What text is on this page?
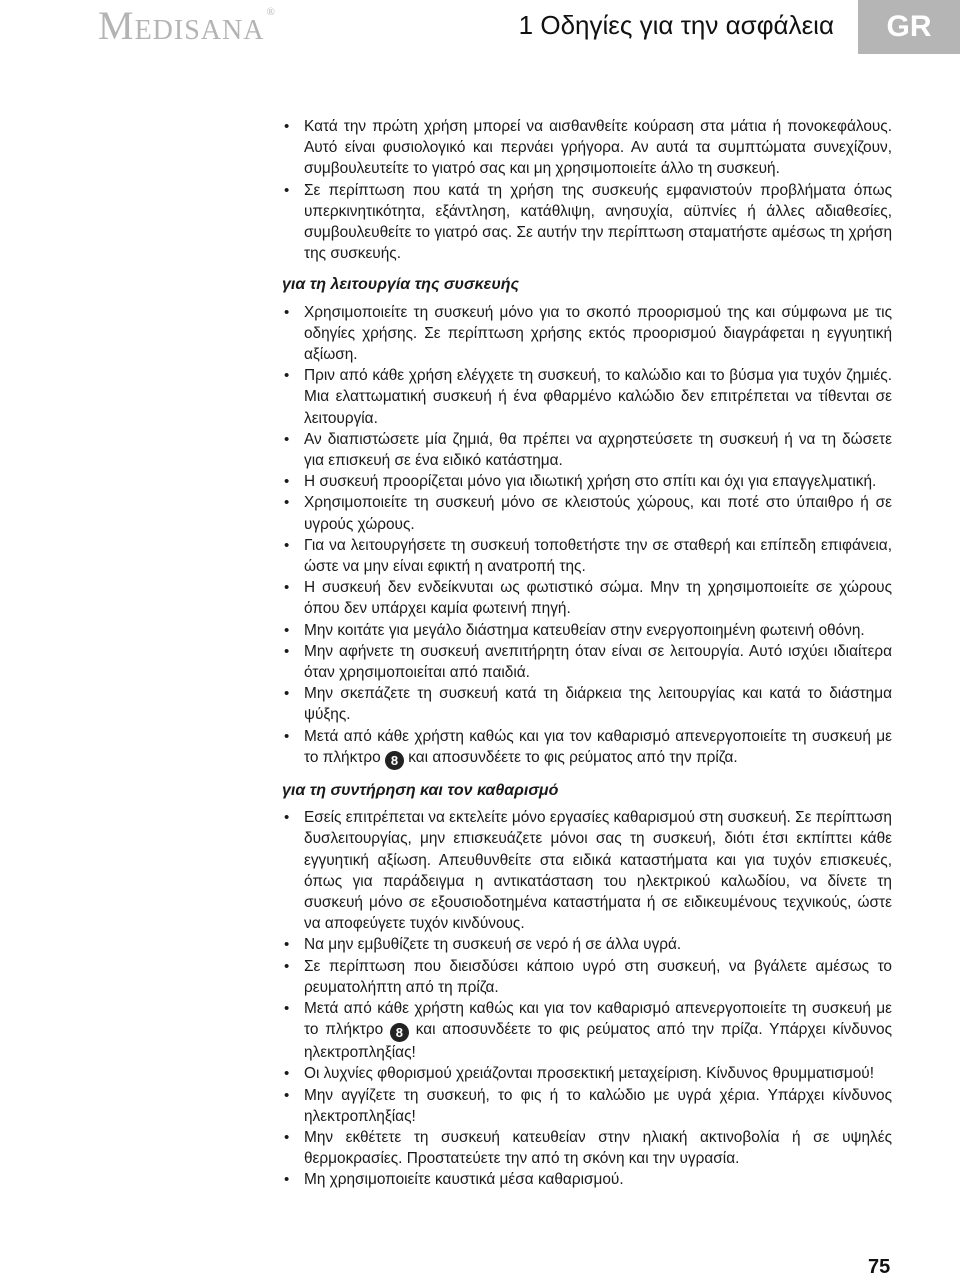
Medisana ®	1 Οδηγίες για την ασφάλεια	GR
• Κατά την πρώτη χρήση μπορεί να αισθανθείτε κούραση στα μάτια ή πονοκεφάλους. Αυτό είναι φυσιολογικό και περνάει γρήγορα. Αν αυτά τα συμπτώματα συνεχίζουν, συμβουλευτείτε το γιατρό σας και μη χρησιμοποιείτε άλλο τη συσκευή.
• Σε περίπτωση που κατά τη χρήση της συσκευής εμφανιστούν προβλήματα όπως υπερκινητικότητα, εξάντληση, κατάθλιψη, ανησυχία, αϋπνίες ή άλλες αδιαθεσίες, συμβουλευθείτε το γιατρό σας. Σε αυτήν την περίπτωση σταματήστε αμέσως τη χρήση της συσκευής.
για τη λειτουργία της συσκευής
• Χρησιμοποιείτε τη συσκευή μόνο για το σκοπό προορισμού της και σύμφωνα με τις οδηγίες χρήσης. Σε περίπτωση χρήσης εκτός προορισμού διαγράφεται η εγγυητική αξίωση.
• Πριν από κάθε χρήση ελέγχετε τη συσκευή, το καλώδιο και το βύσμα για τυχόν ζημιές. Μια ελαττωματική συσκευή ή ένα φθαρμένο καλώδιο δεν επιτρέπεται να τίθενται σε λειτουργία.
• Αν διαπιστώσετε μία ζημιά, θα πρέπει να αχρηστεύσετε τη συσκευή ή να τη δώσετε για επισκευή σε ένα ειδικό κατάστημα.
• Η συσκευή προορίζεται μόνο για ιδιωτική χρήση στο σπίτι και όχι για επαγγελματική.
• Χρησιμοποιείτε τη συσκευή μόνο σε κλειστούς χώρους, και ποτέ στο ύπαιθρο ή σε υγρούς χώρους.
• Για να λειτουργήσετε τη συσκευή τοποθετήστε την σε σταθερή και επίπεδη επιφάνεια, ώστε να μην είναι εφικτή η ανατροπή της.
• Η συσκευή δεν ενδείκνυται ως φωτιστικό σώμα. Μην τη χρησιμοποιείτε σε χώρους όπου δεν υπάρχει καμία φωτεινή πηγή.
• Μην κοιτάτε για μεγάλο διάστημα κατευθείαν στην ενεργοποιημένη φωτεινή οθόνη.
• Μην αφήνετε τη συσκευή ανεπιτήρητη όταν είναι σε λειτουργία. Αυτό ισχύει ιδιαίτερα όταν χρησιμοποιείται από παιδιά.
• Μην σκεπάζετε τη συσκευή κατά τη διάρκεια της λειτουργίας και κατά το διάστημα ψύξης.
• Μετά από κάθε χρήστη καθώς και για τον καθαρισμό απενεργοποιείτε τη συσκευή με το πλήκτρο 8 και αποσυνδέετε το φις ρεύματος από την πρίζα.
για τη συντήρηση και τον καθαρισμό
• Εσείς επιτρέπεται να εκτελείτε μόνο εργασίες καθαρισμού στη συσκευή. Σε περίπτωση δυσλειτουργίας, μην επισκευάζετε μόνοι σας τη συσκευή, διότι έτσι εκπίπτει κάθε εγγυητική αξίωση. Απευθυνθείτε στα ειδικά καταστήματα και για τυχόν επισκευές, όπως για παράδειγμα η αντικατάσταση του ηλεκτρικού καλωδίου, να δίνετε τη συσκευή μόνο σε εξουσιοδοτημένα καταστήματα ή σε ειδικευμένους τεχνικούς, ώστε να αποφεύγετε τυχόν κινδύνους.
• Να μην εμβυθίζετε τη συσκευή σε νερό ή σε άλλα υγρά.
• Σε περίπτωση που διεισδύσει κάποιο υγρό στη συσκευή, να βγάλετε αμέσως το ρευματολήπτη από τη πρίζα.
• Μετά από κάθε χρήστη καθώς και για τον καθαρισμό απενεργοποιείτε τη συσκευή με το πλήκτρο 8 και αποσυνδέετε το φις ρεύματος από την πρίζα. Υπάρχει κίνδυνος ηλεκτροπληξίας!
• Οι λυχνίες φθορισμού χρειάζονται προσεκτική μεταχείριση. Κίνδυνος θρυμματισμού!
• Μην αγγίζετε τη συσκευή, το φις ή το καλώδιο με υγρά χέρια. Υπάρχει κίνδυνος ηλεκτροπληξίας!
• Μην εκθέτετε τη συσκευή κατευθείαν στην ηλιακή ακτινοβολία ή σε υψηλές θερμοκρασίες. Προστατεύετε την από τη σκόνη και την υγρασία.
• Μη χρησιμοποιείτε καυστικά μέσα καθαρισμού.
75
